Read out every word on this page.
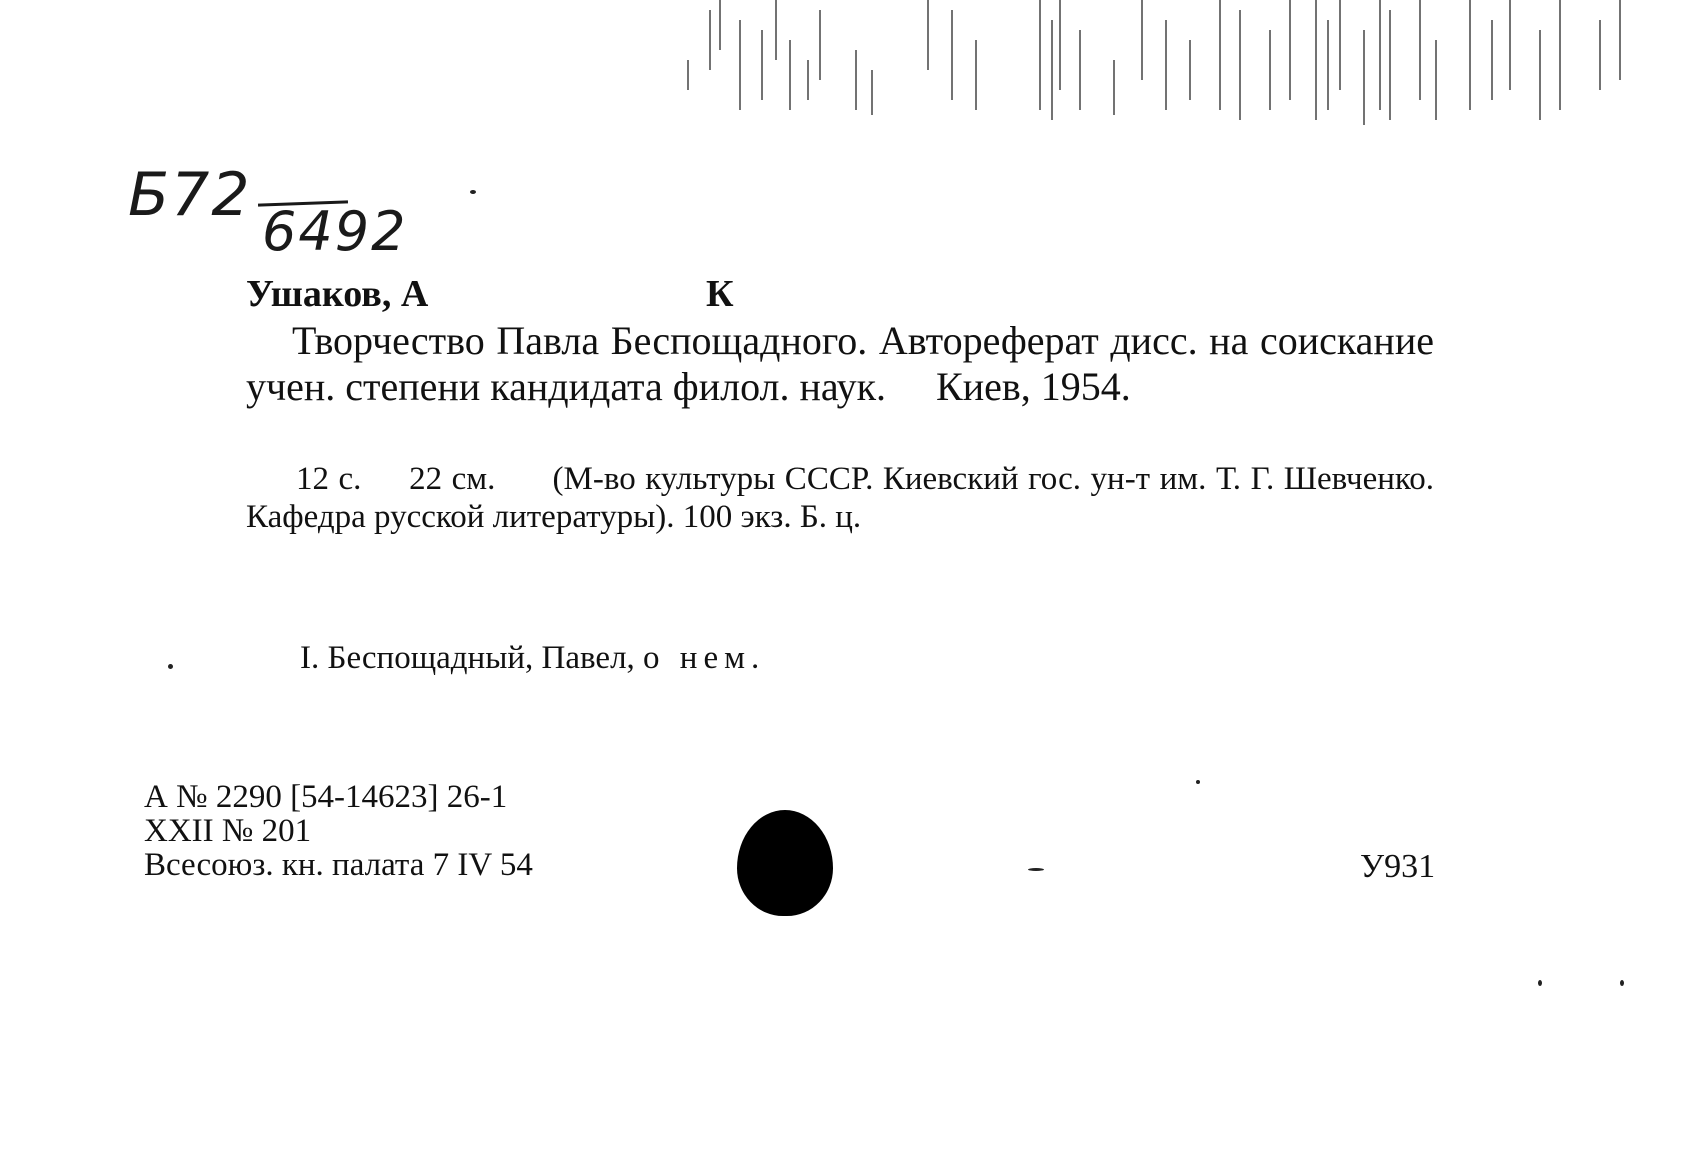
Б72
6492
Ушаков, А	К
Творчество Павла Беспощадного. Автореферат дисс. на соискание учен. степени кандидата филол. наук.     Киев, 1954.
12 с.     22 см.      (М-во культуры СССР. Киевский гос. ун-т им. Т. Г. Шевченко. Кафедра русской литературы). 100 экз. Б. ц.
I. Беспощадный, Павел, о нем.
А № 2290 [54-14623] 26-1
XXII № 201
Всесоюз. кн. палата 7 IV 54	У931
